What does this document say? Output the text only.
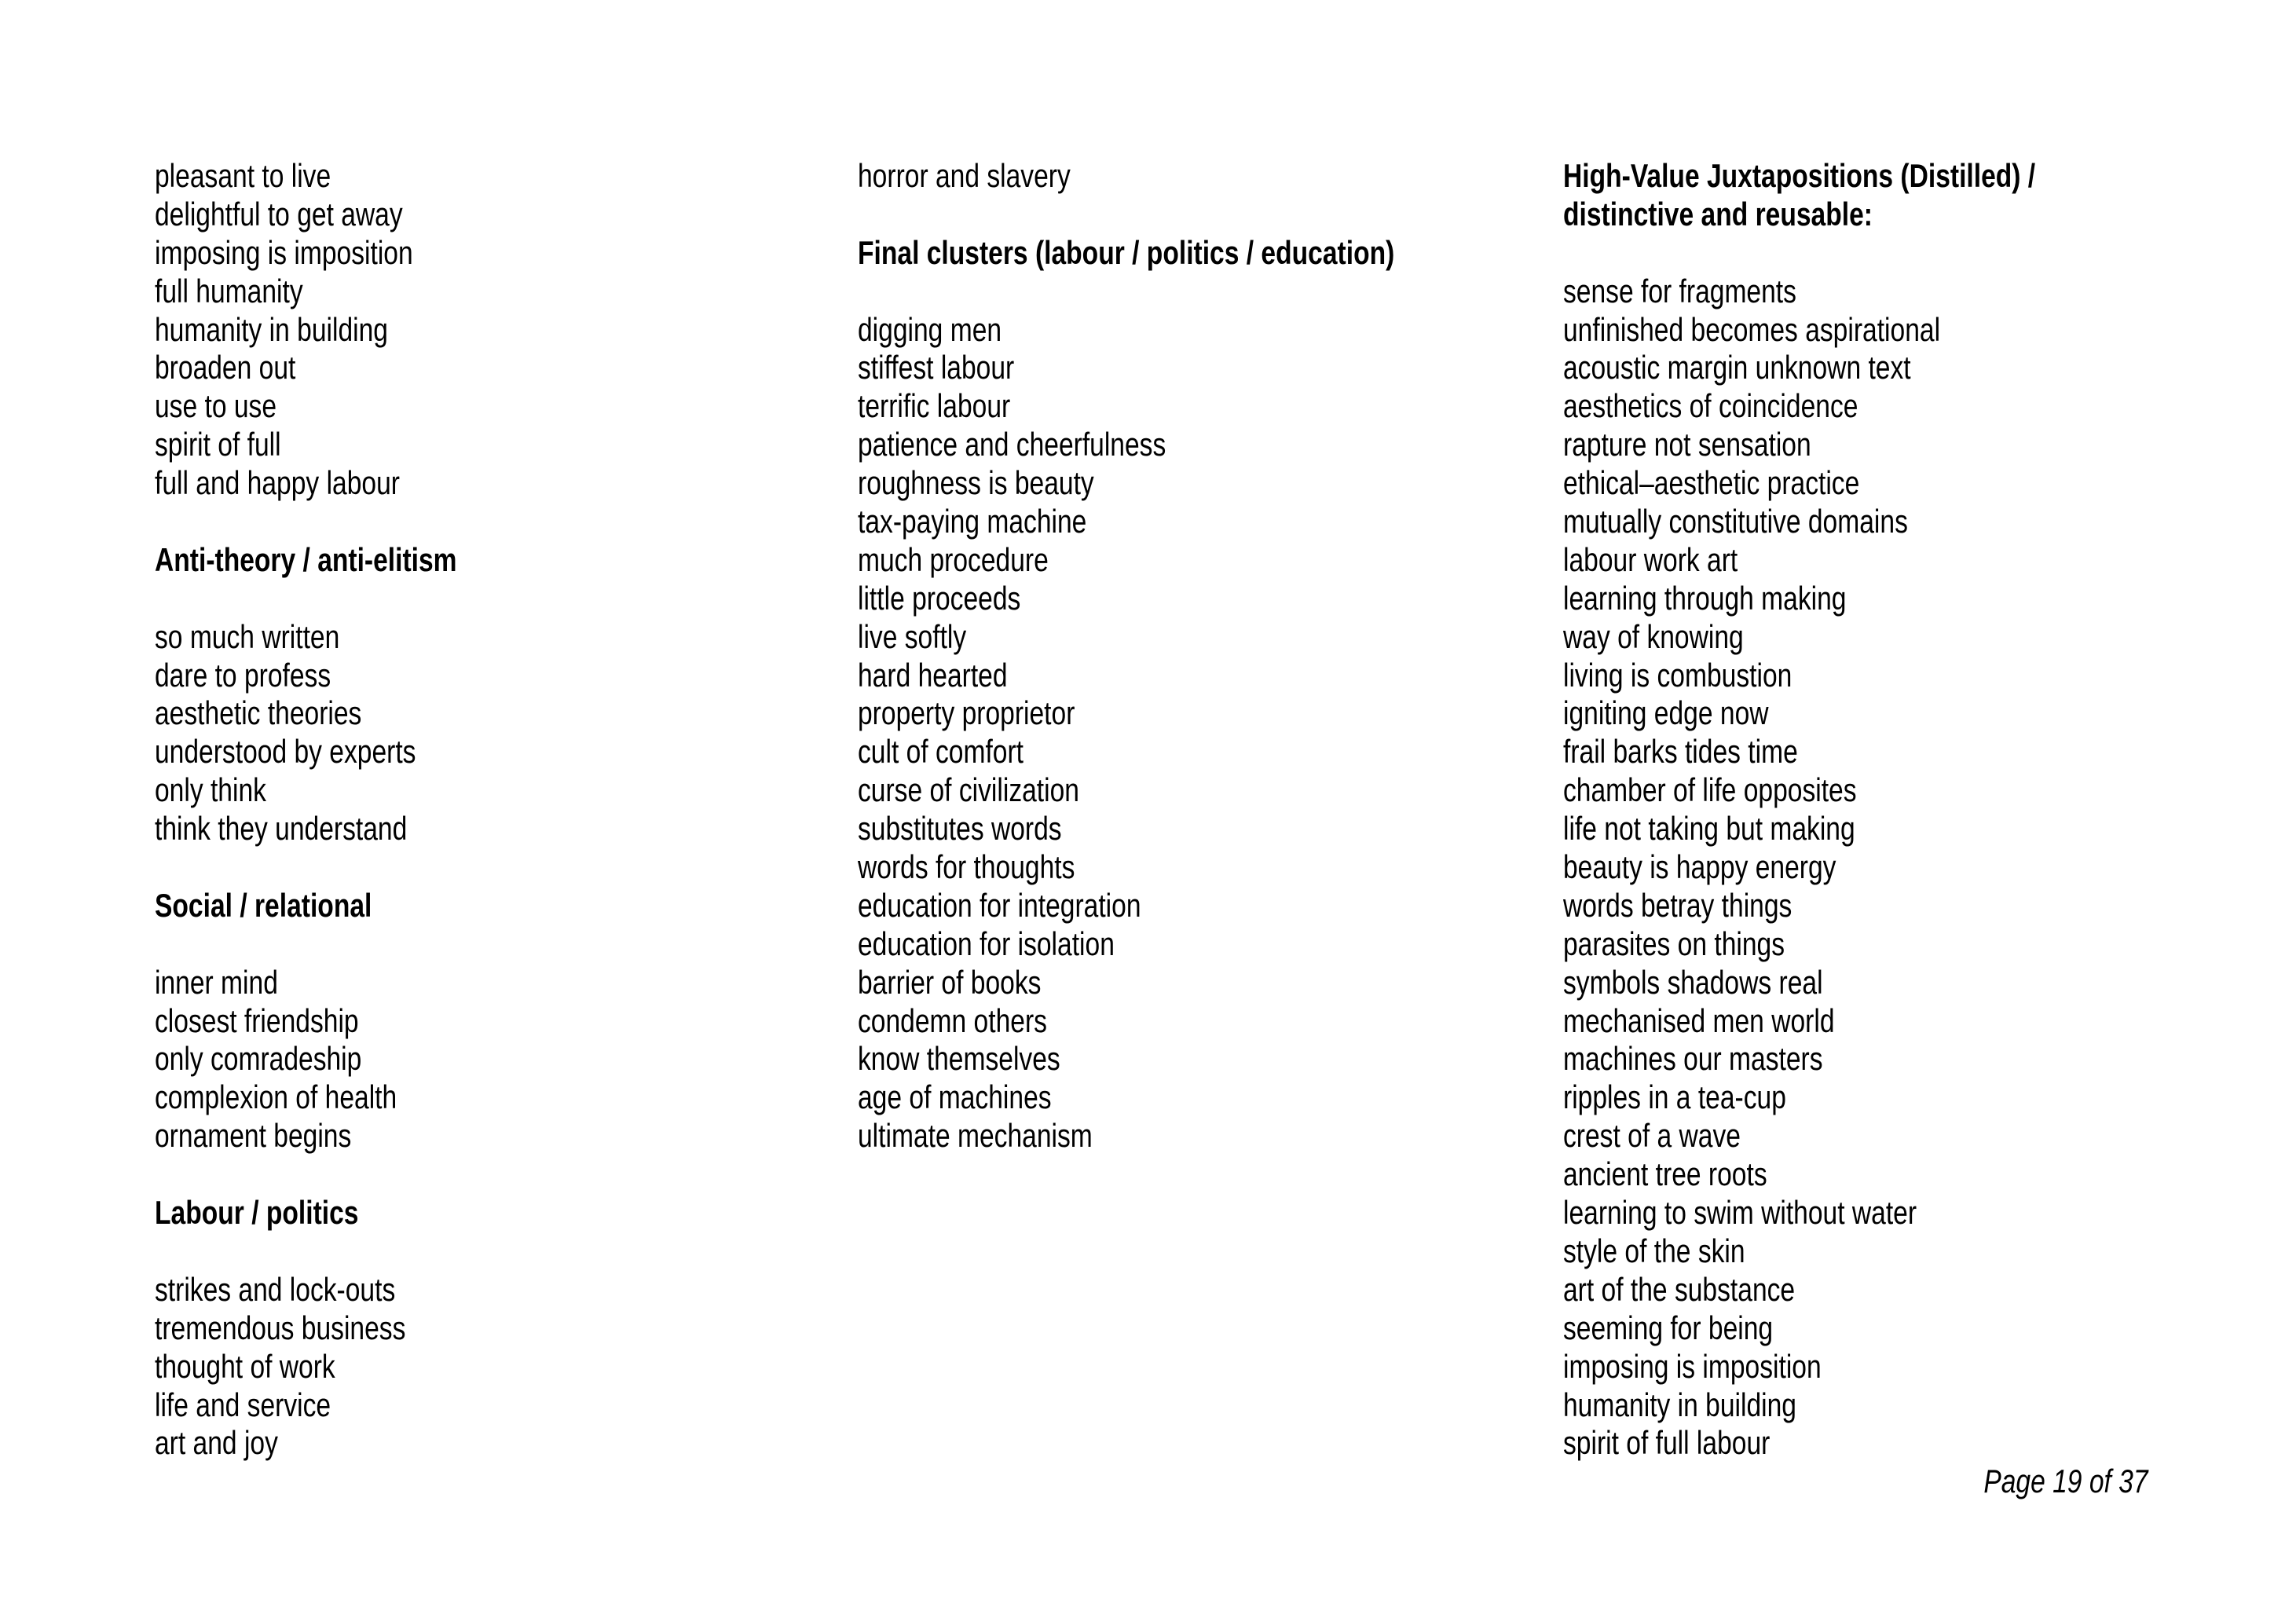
pleasant to live
delightful to get away
imposing is imposition
full humanity
humanity in building
broaden out
use to use
spirit of full
full and happy labour

Anti-theory / anti-elitism

so much written
dare to profess
aesthetic theories
understood by experts
only think
think they understand

Social / relational

inner mind
closest friendship
only comradeship
complexion of health
ornament begins

Labour / politics

strikes and lock-outs
tremendous business
thought of work
life and service
art and joy
horror and slavery

Final clusters (labour / politics / education)

digging men
stiffest labour
terrific labour
patience and cheerfulness
roughness is beauty
tax-paying machine
much procedure
little proceeds
live softly
hard hearted
property proprietor
cult of comfort
curse of civilization
substitutes words
words for thoughts
education for integration
education for isolation
barrier of books
condemn others
know themselves
age of machines
ultimate mechanism
High-Value Juxtapositions (Distilled) /
distinctive and reusable:

sense for fragments
unfinished becomes aspirational
acoustic margin unknown text
aesthetics of coincidence
rapture not sensation
ethical–aesthetic practice
mutually constitutive domains
labour work art
learning through making
way of knowing
living is combustion
igniting edge now
frail barks tides time
chamber of life opposites
life not taking but making
beauty is happy energy
words betray things
parasites on things
symbols shadows real
mechanised men world
machines our masters
ripples in a tea-cup
crest of a wave
ancient tree roots
learning to swim without water
style of the skin
art of the substance
seeming for being
imposing is imposition
humanity in building
spirit of full labour
Page 19 of 37
